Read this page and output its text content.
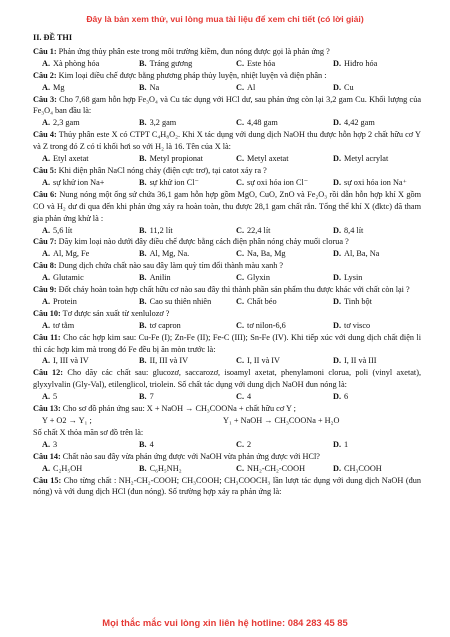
Đây là bản xem thử, vui lòng mua tài liệu để xem chi tiết (có lời giải)

II. ĐỀ THI

Câu 1: Phản ứng thủy phân este trong môi trường kiềm, đun nóng được gọi là phản ứng ?

A. Xà phòng hóa	B. Tráng gương	C. Este hóa	D. Hiđro hóa

Câu 2: Kim loại điều chế được bằng phương pháp thủy luyện, nhiệt luyện và điện phân :

A. Mg	B. Na	C. Al	D. Cu

Câu 3: Cho 7,68 gam hỗn hợp Fe₃O₄ và Cu tác dụng với HCl dư, sau phản ứng còn lại 3,2 gam Cu. Khối lượng của Fe₃O₄ ban đầu là:

A. 2,3 gam	B. 3,2 gam	C. 4,48 gam	D. 4,42 gam

Câu 4: Thủy phân este X có CTPT C₄H₈O₂. Khi X tác dụng với dung dịch NaOH thu được hỗn hợp 2 chất hữu cơ Y và Z trong đó Z có tỉ khối hơi so với H₂ là 16. Tên của X là:

A. Etyl axetat	B. Metyl propionat	C. Metyl axetat	D. Metyl acrylat

Câu 5: Khi điện phân NaCl nóng chảy (điện cực trơ), tại catot xảy ra ?

A. sự khử ion Na+	B. sự khử ion Cl⁻	C. sự oxi hóa ion Cl⁻	D. sự oxi hóa ion Na⁺

Câu 6: Nung nóng một ống sứ chứa 36,1 gam hỗn hợp gồm MgO, CuO, ZnO và Fe₂O₃ rồi dẫn hỗn hợp khí X gồm CO và H₂ dư đi qua đến khi phản ứng xảy ra hoàn toàn, thu được 28,1 gam chất rắn. Tổng thể khí X (đktc) đã tham gia phản ứng khử là :

A. 5,6 lít	B. 11,2 lít	C. 22,4 lít	D. 8,4 lít

Câu 7: Dãy kim loại nào dưới đây điều chế được bằng cách điện phân nóng chảy muối clorua ?

A. Al, Mg, Fe	B. Al, Mg, Na.	C. Na, Ba, Mg	D. Al, Ba, Na

Câu 8: Dung dịch chứa chất nào sau đây làm quỳ tím đổi thành màu xanh ?

A. Glutamic	B. Anilin	C. Glyxin	D. Lysin

Câu 9: Đốt cháy hoàn toàn hợp chất hữu cơ nào sau đây thì thành phần sản phẩm thu được khác với chất còn lại ?

A. Protein	B. Cao su thiên nhiên	C. Chất béo	D. Tinh bột

Câu 10: Tơ được sản xuất từ xenlulozơ ?

A. tơ tằm	B. tơ capron	C. tơ nilon-6,6	D. tơ visco

Câu 11: Cho các hợp kim sau: Cu-Fe (I); Zn-Fe (II); Fe-C (III); Sn-Fe (IV). Khi tiếp xúc với dung dịch chất điện li thì các hợp kim mà trong đó Fe đều bị ăn mòn trước là:

A. I, III và IV	B. II, III và IV	C. I, II và IV	D. I, II và III

Câu 12: Cho dãy các chất sau: glucozơ, saccarozơ, isoamyl axetat, phenylamoni clorua, poli (vinyl axetat), glyxylvalin (Gly-Val), etilenglicol, triolein. Số chất tác dụng với dung dịch NaOH đun nóng là:

A. 5	B. 7	C. 4	D. 6

Câu 13: Cho sơ đồ phản ứng sau: X + NaOH → CH₃COONa + chất hữu cơ Y ;

Y + O2 → Y₁ ;	Y₁ + NaOH → CH₃COONa + H₂O

Số chất X thỏa mãn sơ đồ trên là:

A. 3	B. 4	C. 2	D. 1

Câu 14: Chất nào sau đây vừa phản ứng được với NaOH vừa phản ứng được với HCl?

A. C₂H₅OH	B. C₆H₅NH₂	C. NH₂-CH₂-COOH	D. CH₃COOH

Câu 15: Cho từng chất : NH₂-CH₂-COOH; CH₃COOH; CH₃COOCH₃ lần lượt tác dụng với dung dịch NaOH (đun nóng) và với dung dịch HCl (đun nóng). Số trường hợp xảy ra phản ứng là:

Mọi thắc mắc vui lòng xin liên hệ hotline: 084 283 45 85
